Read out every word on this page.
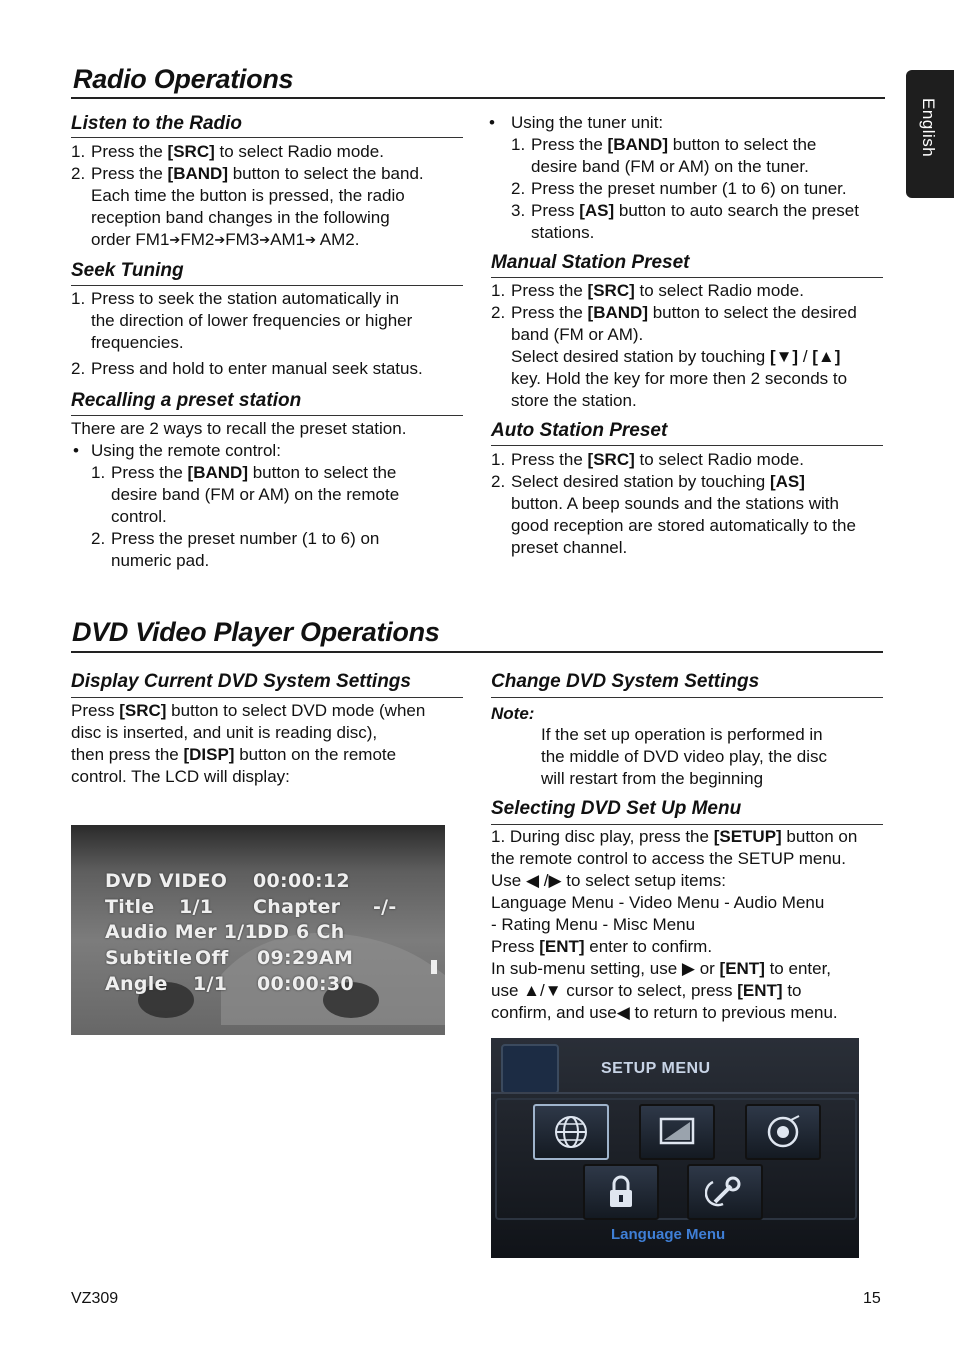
English
Radio Operations
Listen to the Radio
1. Press the [SRC] to select Radio mode.
2. Press the [BAND] button to select the band.
Each time the button is pressed, the radio
reception band changes in the following
order FM1➔FM2➔FM3➔AM1➔ AM2.
Seek Tuning
1. Press to seek the station automatically in
the direction of lower frequencies or higher
frequencies.
2. Press and hold to enter manual seek status.
Recalling a preset station
There are 2 ways to recall the preset station.
• Using the remote control:
1. Press the [BAND] button to select the
desire band (FM or AM) on the remote
control.
2. Press the preset number (1 to 6) on
numeric pad.
• Using the tuner unit:
1. Press the [BAND] button to select the
desire band (FM or AM) on the tuner.
2. Press the preset number (1 to 6) on tuner.
3. Press [AS] button to auto search the preset
stations.
Manual Station Preset
1. Press the [SRC] to select Radio mode.
2. Press the [BAND] button to select the desired
band (FM or AM).
Select desired station by touching [▼] / [▲]
key. Hold the key for more then 2 seconds to
store the station.
Auto Station Preset
1. Press the [SRC] to select Radio mode.
2. Select desired station by touching [AS]
button. A beep sounds and the stations with
good reception are stored automatically to the
preset channel.
DVD Video Player Operations
Display Current DVD System Settings
Press [SRC] button to select DVD mode (when
disc is inserted, and unit is reading disc),
then press the [DISP] button on the remote
control. The LCD will display:
DVD VIDEO 00:00:12
Title 1/1 Chapter -/-
Audio Mer 1/1
DD 6 Ch
Subtitle Off 09:29AM
Angle 1/1 00:00:30
Change DVD System Settings
Note:
If the set up operation is performed in
the middle of DVD video play, the disc
will restart from the beginning
Selecting DVD Set Up Menu
1. During disc play, press the [SETUP] button on
the remote control to access the SETUP menu.
Use ◀ /▶ to select setup items:
Language Menu - Video Menu - Audio Menu
- Rating Menu - Misc Menu
Press [ENT] enter to confirm.
In sub-menu setting, use ▶ or [ENT] to enter,
use ▲/▼ cursor to select, press [ENT] to
confirm, and use◀ to return to previous menu.
SETUP MENU
Language Menu
VZ309	15
